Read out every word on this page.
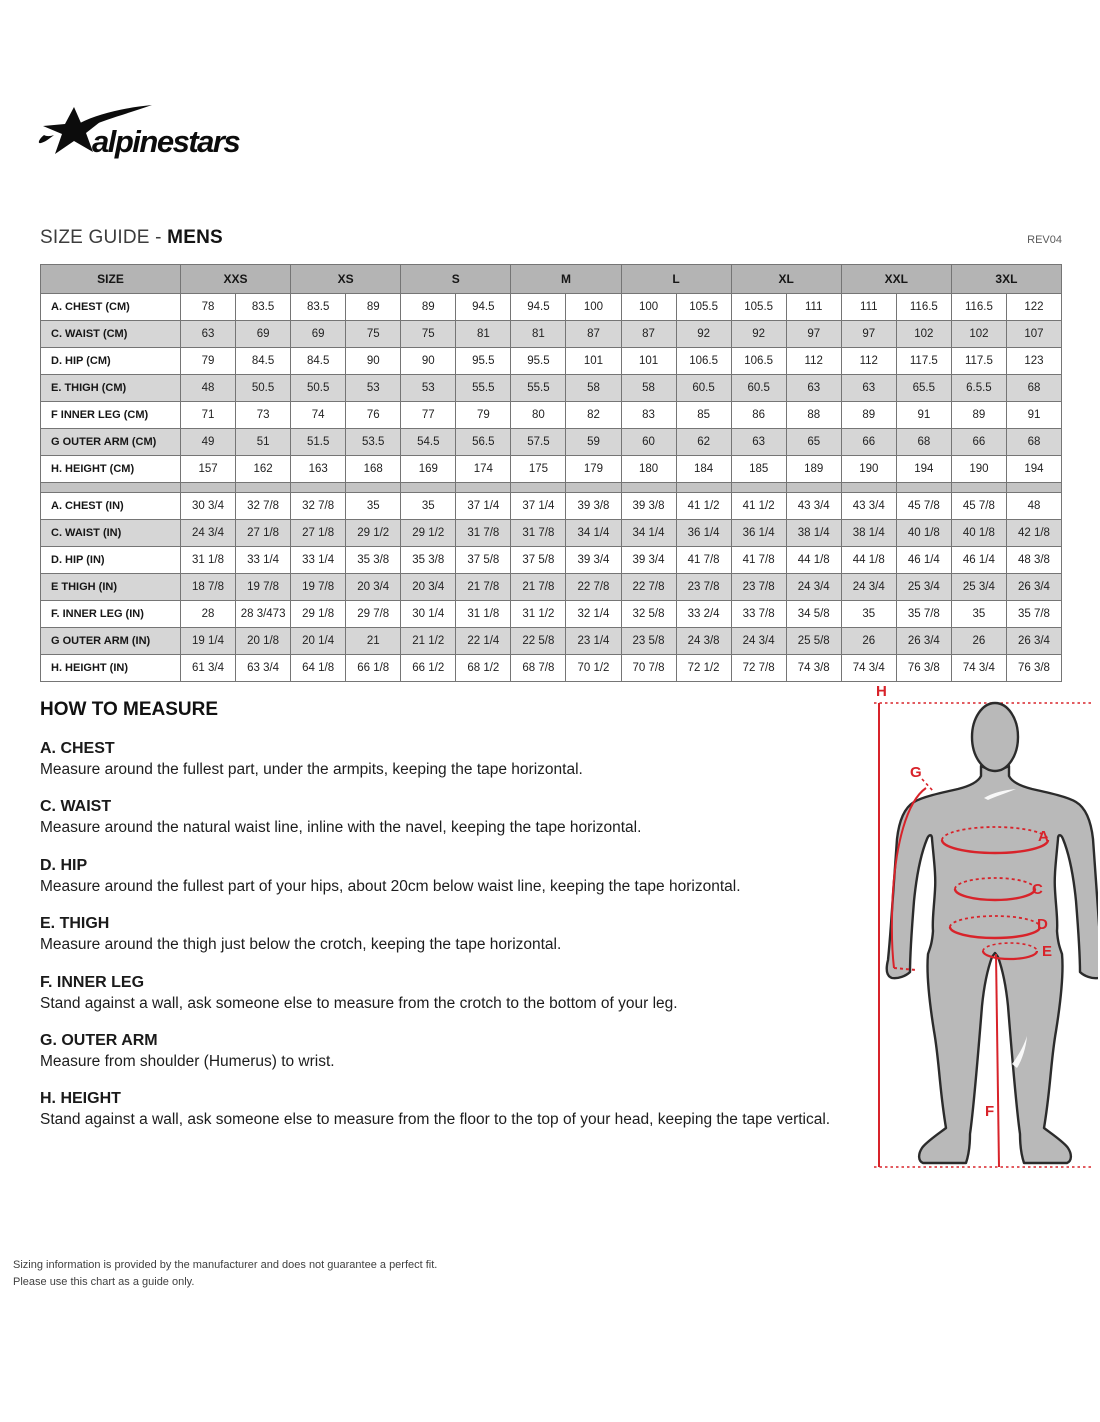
alpinestars
SIZE GUIDE - MENS	REV04
SIZE	XXS		XS		S		M		L		XL		XXL		3XL	
A. CHEST (CM)	78	83.5	83.5	89	89	94.5	94.5	100	100	105.5	105.5	111	111	116.5	116.5	122
C. WAIST (CM)	63	69	69	75	75	81	81	87	87	92	92	97	97	102	102	107
D. HIP (CM)	79	84.5	84.5	90	90	95.5	95.5	101	101	106.5	106.5	112	112	117.5	117.5	123
E. THIGH (CM)	48	50.5	50.5	53	53	55.5	55.5	58	58	60.5	60.5	63	63	65.5	6.5.5	68
F INNER LEG (CM)	71	73	74	76	77	79	80	82	83	85	86	88	89	91	89	91
G OUTER ARM (CM)	49	51	51.5	53.5	54.5	56.5	57.5	59	60	62	63	65	66	68	66	68
H. HEIGHT (CM)	157	162	163	168	169	174	175	179	180	184	185	189	190	194	190	194

A. CHEST (IN)	30 3/4	32 7/8	32 7/8	35	35	37 1/4	37 1/4	39 3/8	39 3/8	41 1/2	41 1/2	43 3/4	43 3/4	45 7/8	45 7/8	48
C. WAIST (IN)	24 3/4	27 1/8	27 1/8	29 1/2	29 1/2	31 7/8	31 7/8	34 1/4	34 1/4	36 1/4	36 1/4	38 1/4	38 1/4	40 1/8	40 1/8	42 1/8
D. HIP (IN)	31 1/8	33 1/4	33 1/4	35 3/8	35 3/8	37 5/8	37 5/8	39 3/4	39 3/4	41 7/8	41 7/8	44 1/8	44 1/8	46 1/4	46 1/4	48 3/8
E THIGH (IN)	18 7/8	19 7/8	19 7/8	20 3/4	20 3/4	21 7/8	21 7/8	22 7/8	22 7/8	23 7/8	23 7/8	24 3/4	24 3/4	25 3/4	25 3/4	26 3/4
F. INNER LEG (IN)	28	28 3/473	29 1/8	29 7/8	30 1/4	31 1/8	31 1/2	32 1/4	32 5/8	33 2/4	33 7/8	34 5/8	35	35 7/8	35	35 7/8
G OUTER ARM (IN)	19 1/4	20 1/8	20 1/4	21	21 1/2	22 1/4	22 5/8	23 1/4	23 5/8	24 3/8	24 3/4	25 5/8	26	26 3/4	26	26 3/4
H. HEIGHT (IN)	61 3/4	63 3/4	64 1/8	66 1/8	66 1/2	68 1/2	68 7/8	70 1/2	70 7/8	72 1/2	72 7/8	74 3/8	74 3/4	76 3/8	74 3/4	76 3/8
HOW TO MEASURE

A. CHEST

Measure around the fullest part, under the armpits, keeping the tape horizontal.

C. WAIST

Measure around the natural waist line, inline with the navel, keeping the tape horizontal.

D. HIP

Measure around the fullest part of your hips, about 20cm below waist line, keeping the tape horizontal.

E. THIGH

Measure around the thigh just below the crotch, keeping the tape horizontal.

F. INNER LEG

Stand against a wall, ask someone else to measure from the crotch to the bottom of your leg.

G. OUTER ARM

Measure from shoulder (Humerus) to wrist.

H. HEIGHT

Stand against a wall, ask someone else to measure from the floor to the top of your head, keeping the tape vertical.

H
G
A
C
D
E
F
Sizing information is provided by the manufacturer and does not guarantee a perfect fit.
Please use this chart as a guide only.
